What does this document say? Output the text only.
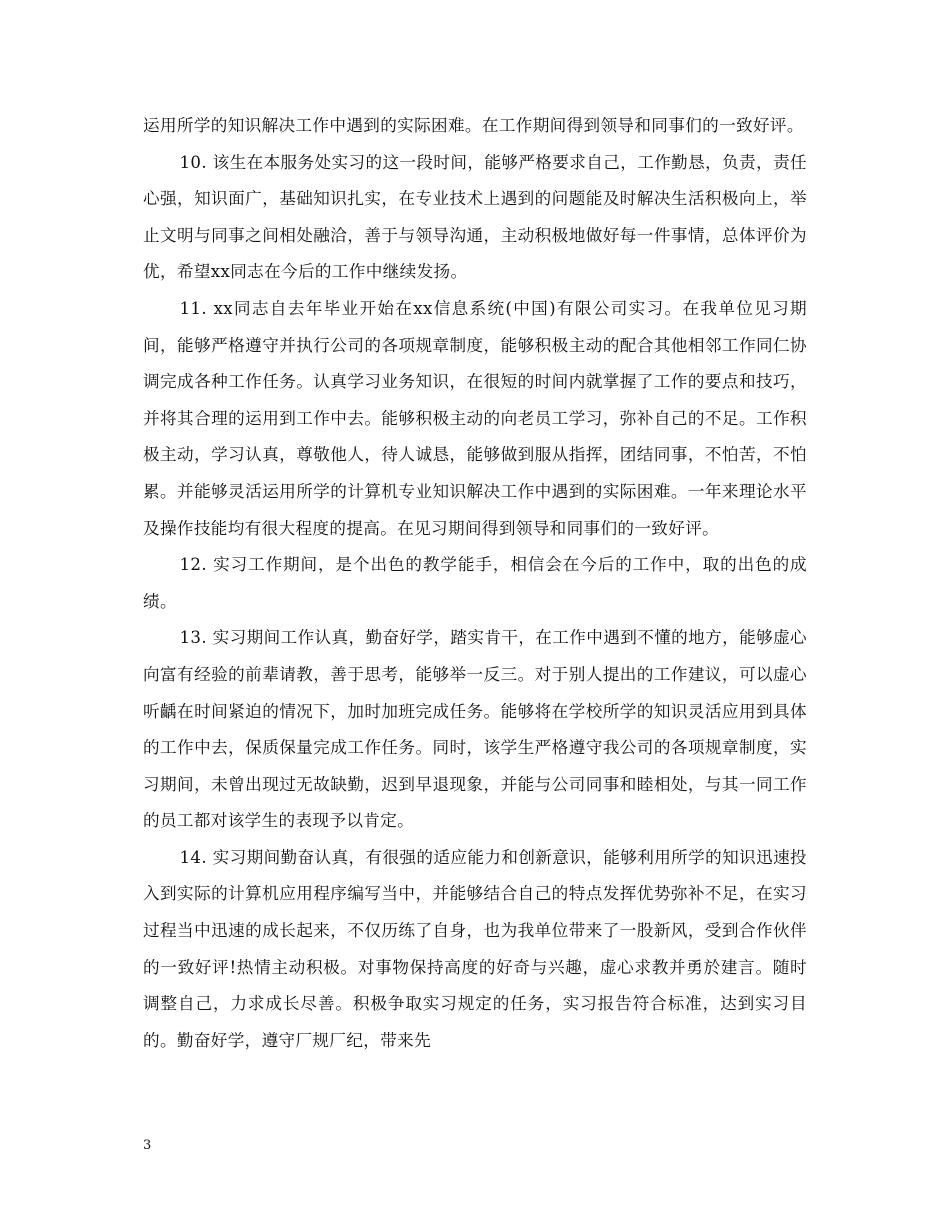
运用所学的知识解决工作中遇到的实际困难。在工作期间得到领导和同事们的一致好评。

10. 该生在本服务处实习的这一段时间，能够严格要求自己，工作勤恳，负责，责任心强，知识面广，基础知识扎实，在专业技术上遇到的问题能及时解决生活积极向上，举止文明与同事之间相处融洽，善于与领导沟通，主动积极地做好每一件事情，总体评价为优，希望xx同志在今后的工作中继续发扬。

11. xx同志自去年毕业开始在xx信息系统(中国)有限公司实习。在我单位见习期间，能够严格遵守并执行公司的各项规章制度，能够积极主动的配合其他相邻工作同仁协调完成各种工作任务。认真学习业务知识，在很短的时间内就掌握了工作的要点和技巧，并将其合理的运用到工作中去。能够积极主动的向老员工学习，弥补自己的不足。工作积极主动，学习认真，尊敬他人，待人诚恳，能够做到服从指挥，团结同事，不怕苦，不怕累。并能够灵活运用所学的计算机专业知识解决工作中遇到的实际困难。一年来理论水平及操作技能均有很大程度的提高。在见习期间得到领导和同事们的一致好评。

12. 实习工作期间，是个出色的教学能手，相信会在今后的工作中，取的出色的成绩。

13. 实习期间工作认真，勤奋好学，踏实肯干，在工作中遇到不懂的地方，能够虚心向富有经验的前辈请教，善于思考，能够举一反三。对于别人提出的工作建议，可以虚心听齲在时间紧迫的情况下，加时加班完成任务。能够将在学校所学的知识灵活应用到具体的工作中去，保质保量完成工作任务。同时，该学生严格遵守我公司的各项规章制度，实习期间，未曾出现过无故缺勤，迟到早退现象，并能与公司同事和睦相处，与其一同工作的员工都对该学生的表现予以肯定。

14. 实习期间勤奋认真，有很强的适应能力和创新意识，能够利用所学的知识迅速投入到实际的计算机应用程序编写当中，并能够结合自己的特点发挥优势弥补不足，在实习过程当中迅速的成长起来，不仅历练了自身，也为我单位带来了一股新风，受到合作伙伴的一致好评!热情主动积极。对事物保持高度的好奇与兴趣，虚心求教并勇於建言。随时调整自己，力求成长尽善。积极争取实习规定的任务，实习报告符合标准，达到实习目的。勤奋好学，遵守厂规厂纪，带来先

3
